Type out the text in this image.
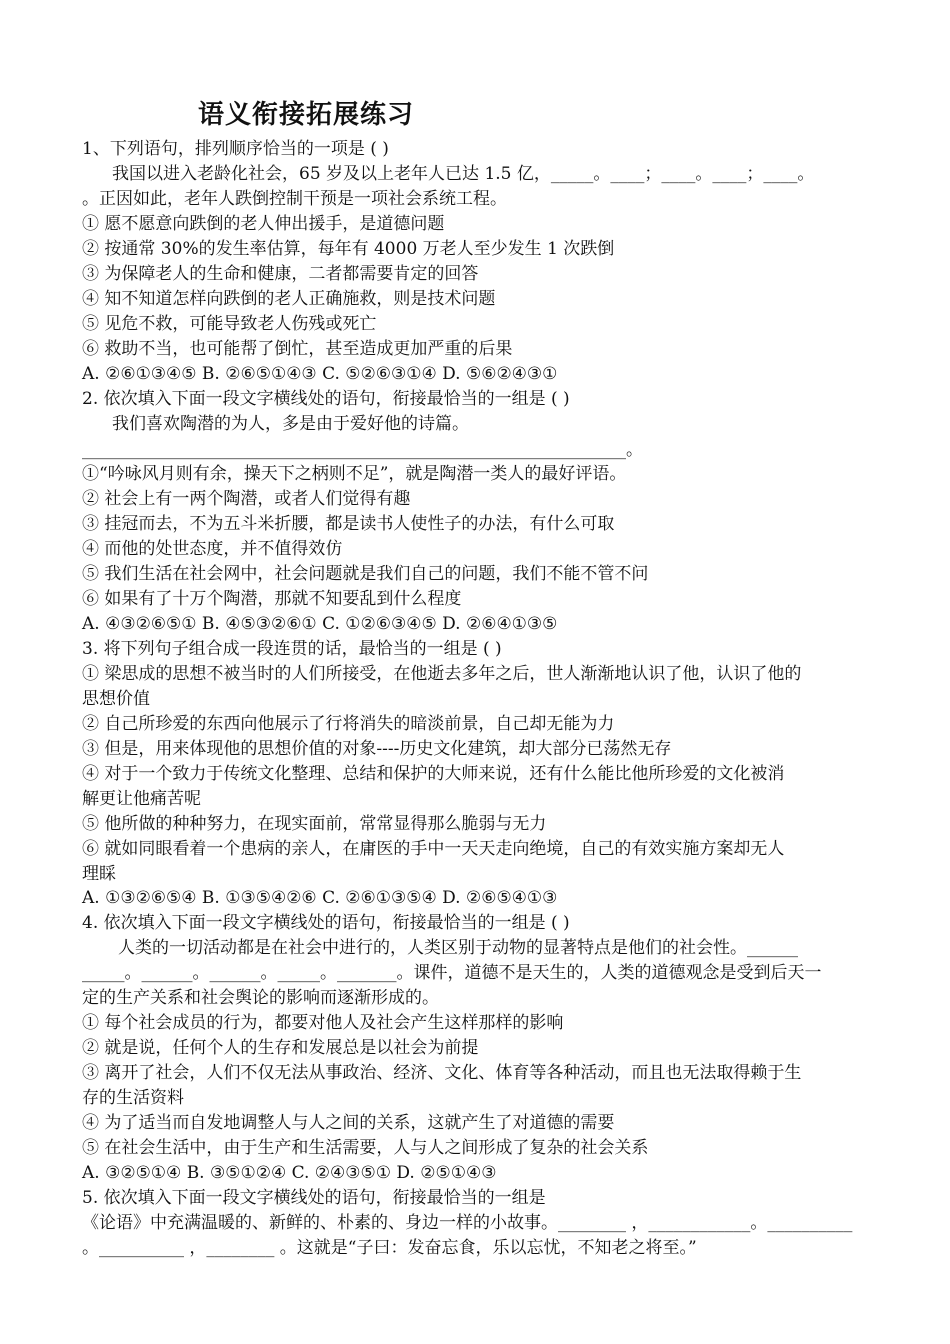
语义衔接拓展练习
1、下列语句，排列顺序恰当的一项是 ( )
我国以进入老龄化社会，65 岁及以上老年人已达 1.5 亿，_____。____；____。____；____。
。正因如此，老年人跌倒控制干预是一项社会系统工程。
① 愿不愿意向跌倒的老人伸出援手，是道德问题
② 按通常 30%的发生率估算，每年有 4000 万老人至少发生 1 次跌倒
③ 为保障老人的生命和健康，二者都需要肯定的回答
④ 知不知道怎样向跌倒的老人正确施救，则是技术问题
⑤ 见危不救，可能导致老人伤残或死亡
⑥ 救助不当，也可能帮了倒忙，甚至造成更加严重的后果
A. ②⑥①③④⑤ B. ②⑥⑤①④③ C. ⑤②⑥③①④ D. ⑤⑥②④③①
2. 依次填入下面一段文字横线处的语句，衔接最恰当的一组是 ( )
我们喜欢陶潜的为人，多是由于爱好他的诗篇。
________________________________________________________________。
①“吟咏风月则有余，操天下之柄则不足”，就是陶潜一类人的最好评语。
② 社会上有一两个陶潜，或者人们觉得有趣
③ 挂冠而去，不为五斗米折腰，都是读书人使性子的办法，有什么可取
④ 而他的处世态度，并不值得效仿
⑤ 我们生活在社会网中，社会问题就是我们自己的问题，我们不能不管不问
⑥ 如果有了十万个陶潜，那就不知要乱到什么程度
A. ④③②⑥⑤① B. ④⑤③②⑥① C. ①②⑥③④⑤ D. ②⑥④①③⑤
3. 将下列句子组合成一段连贯的话，最恰当的一组是 ( )
① 梁思成的思想不被当时的人们所接受，在他逝去多年之后，世人渐渐地认识了他，认识了他的
思想价值
② 自己所珍爱的东西向他展示了行将消失的暗淡前景，自己却无能为力
③ 但是，用来体现他的思想价值的对象----历史文化建筑，却大部分已荡然无存
④ 对于一个致力于传统文化整理、总结和保护的大师来说，还有什么能比他所珍爱的文化被消
解更让他痛苦呢
⑤ 他所做的种种努力，在现实面前，常常显得那么脆弱与无力
⑥ 就如同眼看着一个患病的亲人，在庸医的手中一天天走向绝境，自己的有效实施方案却无人
理睬
A. ①③②⑥⑤④ B. ①③⑤④②⑥ C. ②⑥①③⑤④ D. ②⑥⑤④①③
4. 依次填入下面一段文字横线处的语句，衔接最恰当的一组是 ( )
人类的一切活动都是在社会中进行的，人类区别于动物的显著特点是他们的社会性。______
_____。______。______。_____。_______。课件，道德不是天生的，人类的道德观念是受到后天一
定的生产关系和社会舆论的影响而逐渐形成的。
① 每个社会成员的行为，都要对他人及社会产生这样那样的影响
② 就是说，任何个人的生存和发展总是以社会为前提
③ 离开了社会，人们不仅无法从事政治、经济、文化、体育等各种活动，而且也无法取得赖于生
存的生活资料
④ 为了适当而自发地调整人与人之间的关系，这就产生了对道德的需要
⑤ 在社会生活中，由于生产和生活需要，人与人之间形成了复杂的社会关系
A. ③②⑤①④ B. ③⑤①②④ C. ②④③⑤① D. ②⑤①④③
5. 依次填入下面一段文字横线处的语句，衔接最恰当的一组是
《论语》中充满温暖的、新鲜的、朴素的、身边一样的小故事。________ ，____________。__________
。__________ ，________ 。这就是“子曰：发奋忘食，乐以忘忧，不知老之将至。”
